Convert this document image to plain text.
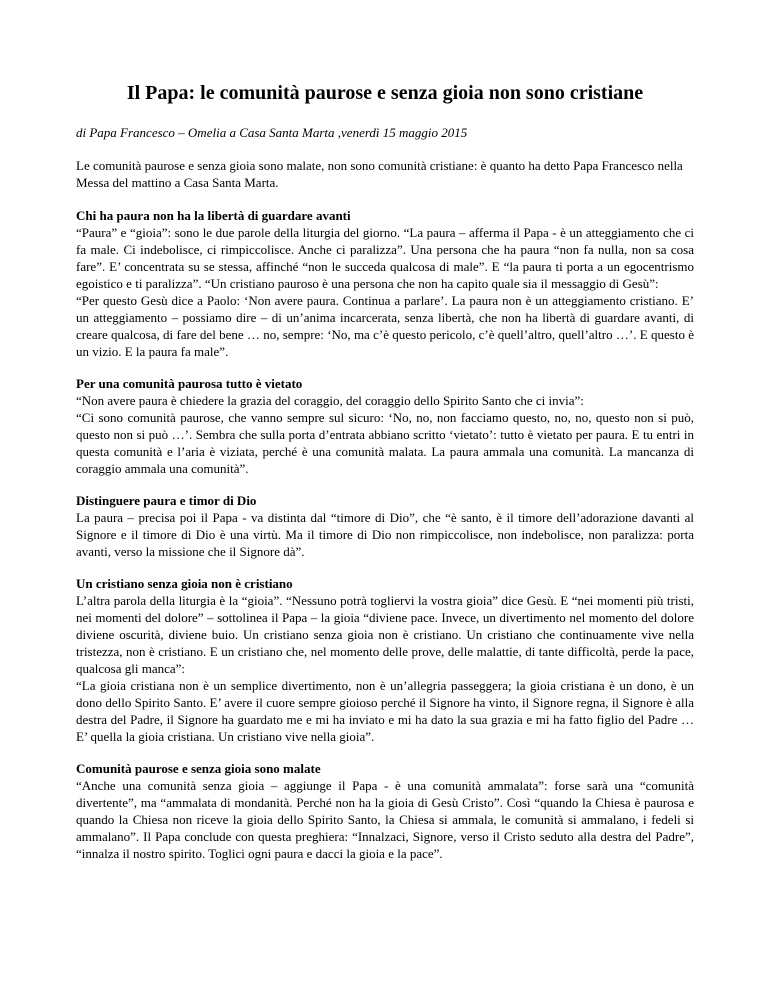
Il Papa: le comunità paurose e senza gioia non sono cristiane

di Papa Francesco – Omelia a Casa Santa Marta ,venerdì 15 maggio 2015

Le comunità paurose e senza gioia sono malate, non sono comunità cristiane: è quanto ha detto Papa Francesco nella Messa del mattino a Casa Santa Marta.

Chi ha paura non ha la libertà di guardare avanti

“Paura” e “gioia”: sono le due parole della liturgia del giorno. “La paura – afferma il Papa - è un atteggiamento che ci fa male. Ci indebolisce, ci rimpiccolisce. Anche ci paralizza”. Una persona che ha paura “non fa nulla, non sa cosa fare”. E’ concentrata su se stessa, affinché “non le succeda qualcosa di male”. E “la paura ti porta a un egocentrismo egoistico e ti paralizza”. “Un cristiano pauroso è una persona che non ha capito quale sia il messaggio di Gesù”:

“Per questo Gesù dice a Paolo: ‘Non avere paura. Continua a parlare’. La paura non è un atteggiamento cristiano. E’ un atteggiamento – possiamo dire – di un’anima incarcerata, senza libertà, che non ha libertà di guardare avanti, di creare qualcosa, di fare del bene … no, sempre: ‘No, ma c’è questo pericolo, c’è quell’altro, quell’altro …’. E questo è un vizio. E la paura fa male”.

Per una comunità paurosa tutto è vietato

“Non avere paura è chiedere la grazia del coraggio, del coraggio dello Spirito Santo che ci invia”:

“Ci sono comunità paurose, che vanno sempre sul sicuro: ‘No, no, non facciamo questo, no, no, questo non si può, questo non si può …’. Sembra che sulla porta d’entrata abbiano scritto ‘vietato’: tutto è vietato per paura. E tu entri in questa comunità e l’aria è viziata, perché è una comunità malata. La paura ammala una comunità. La mancanza di coraggio ammala una comunità”.

Distinguere paura e timor di Dio

La paura – precisa poi il Papa - va distinta dal “timore di Dio”, che “è santo, è il timore dell’adorazione davanti al Signore e il timore di Dio è una virtù. Ma il timore di Dio non rimpiccolisce, non indebolisce, non paralizza: porta avanti, verso la missione che il Signore dà”.

Un cristiano senza gioia non è cristiano

L’altra parola della liturgia è la “gioia”. “Nessuno potrà togliervi la vostra gioia” dice Gesù. E “nei momenti più tristi, nei momenti del dolore” – sottolinea il Papa – la gioia “diviene pace. Invece, un divertimento nel momento del dolore diviene oscurità, diviene buio. Un cristiano senza gioia non è cristiano. Un cristiano che continuamente vive nella tristezza, non è cristiano. E un cristiano che, nel momento delle prove, delle malattie, di tante difficoltà, perde la pace, qualcosa gli manca”:

“La gioia cristiana non è un semplice divertimento, non è un’allegria passeggera; la gioia cristiana è un dono, è un dono dello Spirito Santo. E’ avere il cuore sempre gioioso perché il Signore ha vinto, il Signore regna, il Signore è alla destra del Padre, il Signore ha guardato me e mi ha inviato e mi ha dato la sua grazia e mi ha fatto figlio del Padre … E’ quella la gioia cristiana. Un cristiano vive nella gioia”.

Comunità paurose e senza gioia sono malate

“Anche una comunità senza gioia – aggiunge il Papa - è una comunità ammalata”: forse sarà una “comunità divertente”, ma “ammalata di mondanità. Perché non ha la gioia di Gesù Cristo”. Così “quando la Chiesa è paurosa e quando la Chiesa non riceve la gioia dello Spirito Santo, la Chiesa si ammala, le comunità si ammalano, i fedeli si ammalano”. Il Papa conclude con questa preghiera: “Innalzaci, Signore, verso il Cristo seduto alla destra del Padre”, “innalza il nostro spirito. Toglici ogni paura e dacci la gioia e la pace”.
